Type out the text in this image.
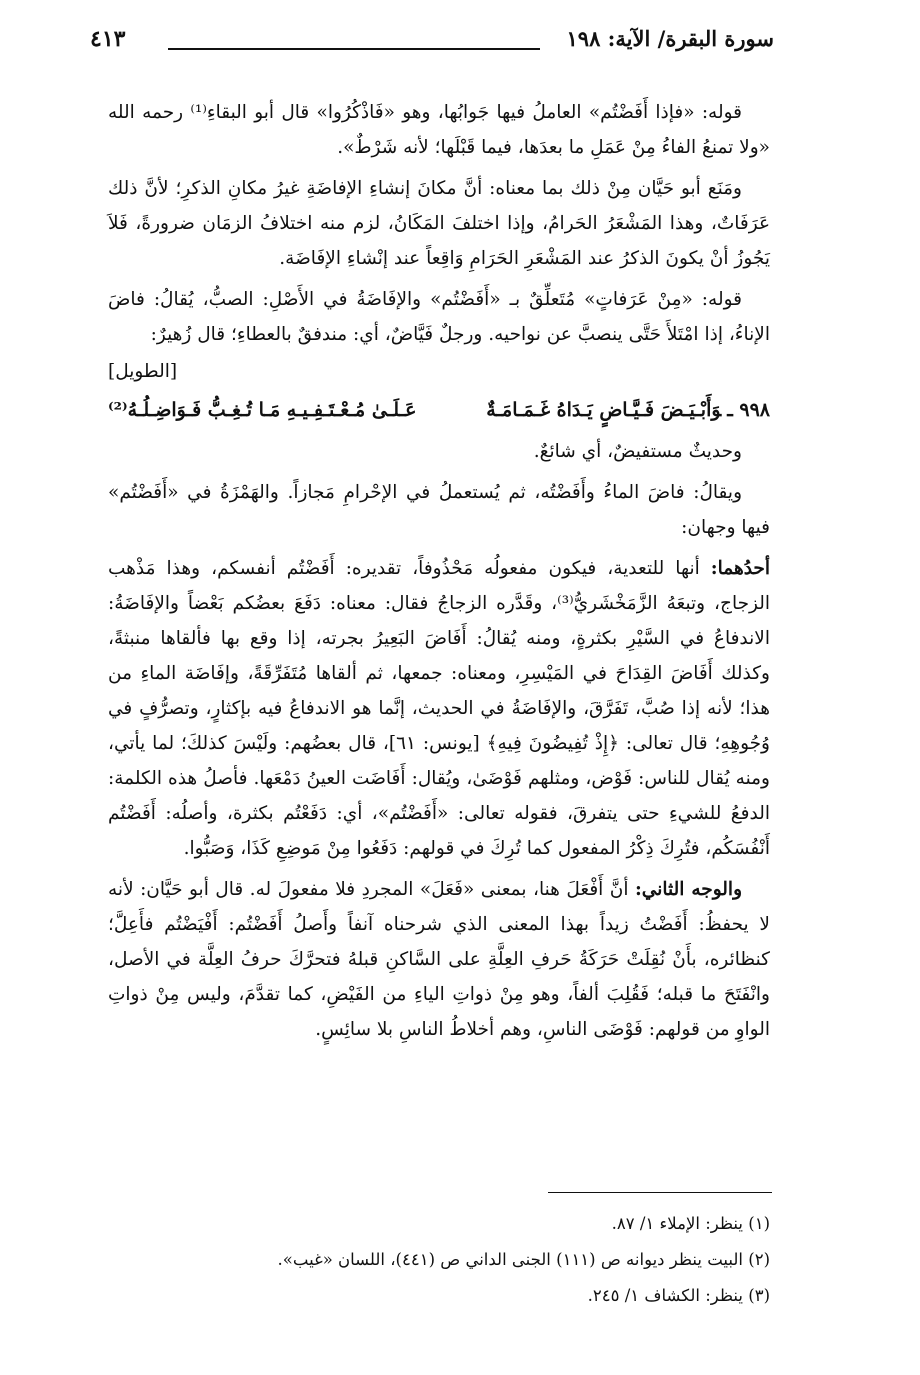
سورة البقرة/ الآية: ١٩٨
٤١٣

قوله: «فإذا أَفَضْتُم» العاملُ فيها جَوابُها، وهو «فَاذْكُرُوا» قال أبو البقاءِ⁽¹⁾ رحمه الله «ولا تمنعُ الفاءُ مِنْ عَمَلِ ما بعدَها، فيما قَبْلَها؛ لأنه شَرْطٌ».

ومَنَع أبو حَيَّان مِنْ ذلك بما معناه: أنَّ مكانَ إنشاءِ الإفاضَةِ غيرُ مكانِ الذكرِ؛ لأنَّ ذلك عَرَفَاتٌ، وهذا المَشْعَرُ الحَرامُ، وإذا اختلفَ المَكَانُ، لزم منه اختلافُ الزمَان ضرورةً، فَلاَ يَجُوزُ أنْ يكونَ الذكرُ عند المَشْعَرِ الحَرَامِ وَاقِعاً عند إنْشاءِ الإفَاضَة.

قوله: «مِنْ عَرَفاتٍ» مُتَعلِّقٌ بـ «أَفَضْتُم» والإفَاضَةُ في الأَصْلِ: الصبُّ، يُقالُ: فاضَ الإناءُ، إذا امْتَلأَ حَتَّى ينصبَّ عن نواحيه. ورجلٌ فَيَّاضٌ، أي: مندفقٌ بالعطاءِ؛ قال زُهيرٌ:

[الطويل]
٩٩٨ ـوَأَبْـيَـضَ فَـيَّـاضٍ يَـدَاهُ غَـمَـامَـةٌ
عَـلَـىٰ مُـعْـتَـفِـيـهِ مَـا تُـغِـبُّ فَـوَاضِـلُـهُ⁽²⁾

وحديثٌ مستفيضٌ، أي شائعٌ.

ويقالُ: فاضَ الماءُ وأَفَضْتُه، ثم يُستعملُ في الإحْرامِ مَجازاً. والهَمْزَةُ في «أَفَضْتُم» فيها وجهان:

أحدُهما: أنها للتعدية، فيكون مفعولُه مَحْذُوفاً، تقديره: أَفَضْتُم أنفسكم، وهذا مَذْهب الزجاج، وتبعَهُ الزَّمَخْشَريُّ⁽³⁾، وقَدَّره الزجاجُ فقال: معناه: دَفَعَ بعضُكم بَعْضاً والإفَاضَةُ: الاندفاعُ في السَّيْرِ بكثرةٍ، ومنه يُقالُ: أَفَاضَ البَعِيرُ بجرته، إذا وقع بها فألقاها منبثةً، وكذلك أَفَاضَ القِدَاحَ في المَيْسِرِ، ومعناه: جمعها، ثم ألقاها مُتَفَرِّقَةً، وإفَاضَة الماءِ من هذا؛ لأنه إذا صُبَّ، تَفَرَّقَ، والإفَاضَةُ في الحديث، إنَّما هو الاندفاعُ فيه بإكثارٍ، وتصرُّفٍ في وُجُوهِهِ؛ قال تعالى: ﴿إِذْ تُفِيضُونَ فِيهِ﴾ [يونس: ٦١]، قال بعضُهم: ولَيْسَ كذلكَ؛ لما يأتي، ومنه يُقال للناس: فَوْض، ومثلهم فَوْضَىٰ، ويُقال: أَفَاضَت العينُ دَمْعَها. فأصلُ هذه الكلمة: الدفعُ للشيءِ حتى يتفرقَ، فقوله تعالى: «أَفَضْتُم»، أي: دَفَعْتُم بكثرة، وأصلُه: أَفَضْتُم أَنْفُسَكُم، فتُرِكَ ذِكْرُ المفعول كما تُرِكَ في قولهم: دَفَعُوا مِنْ مَوضِعِ كَذَا، وَصَبُّوا.

والوجه الثاني: أنَّ أَفْعَلَ هنا، بمعنى «فَعَلَ» المجردِ فلا مفعولَ له. قال أبو حَيَّان: لأنه لا يحفظُ: أَفَضْتُ زيداً بهذا المعنى الذي شرحناه آنفاً وأَصلُ أَفَضْتُم: أَفْيَضْتُم فأَعِلَّ؛ كنظائره، بأَنْ نُقِلَتْ حَرَكَةُ حَرفِ العِلَّةِ على السَّاكنِ قبلهُ فتحرَّكَ حرفُ العِلَّة في الأصل، وانْفَتَحَ ما قبله؛ فَقُلِبَ ألفاً، وهو مِنْ ذواتِ الياءِ من الفَيْضِ، كما تقدَّمَ، وليس مِنْ ذواتِ الواوِ من قولهم: فَوْضَى الناسِ، وهم أخلاطُ الناسِ بلا سائِسٍ.

(١) ينظر: الإملاء ١/ ٨٧.
(٢) البيت ينظر ديوانه ص (١١١) الجنى الداني ص (٤٤١)، اللسان «غيب».
(٣) ينظر: الكشاف ١/ ٢٤٥.
